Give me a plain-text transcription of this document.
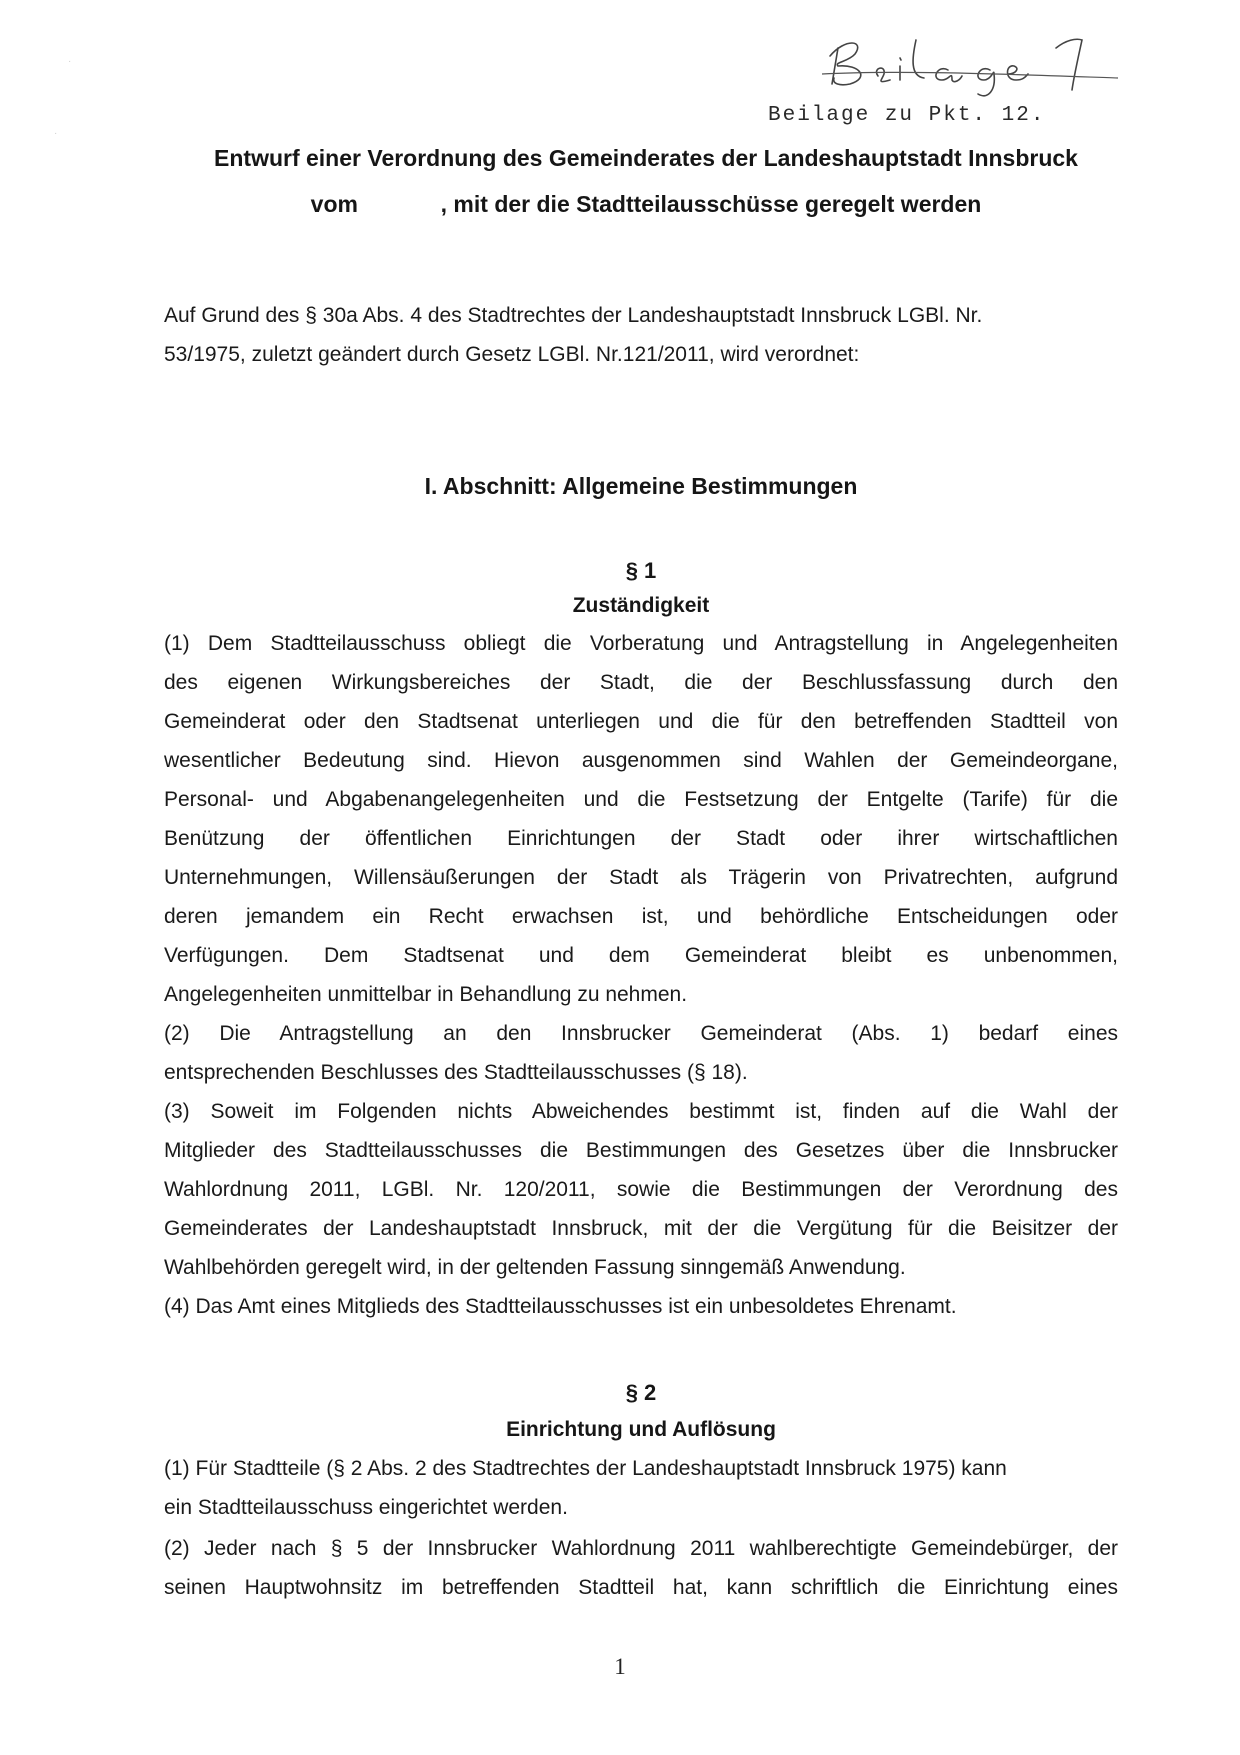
Beilage zu Pkt. 12.
Entwurf einer Verordnung des Gemeinderates der Landeshauptstadt Innsbruck
vom	, mit der die Stadtteilausschüsse geregelt werden
Auf Grund des § 30a Abs. 4 des Stadtrechtes der Landeshauptstadt Innsbruck LGBl. Nr.
53/1975, zuletzt geändert durch Gesetz LGBl. Nr.121/2011, wird verordnet:
I. Abschnitt: Allgemeine Bestimmungen
§ 1
Zuständigkeit
(1) Dem Stadtteilausschuss obliegt die Vorberatung und Antragstellung in Angelegenheiten
des eigenen Wirkungsbereiches der Stadt, die der Beschlussfassung durch den
Gemeinderat oder den Stadtsenat unterliegen und die für den betreffenden Stadtteil von
wesentlicher Bedeutung sind. Hievon ausgenommen sind Wahlen der Gemeindeorgane,
Personal- und Abgabenangelegenheiten und die Festsetzung der Entgelte (Tarife) für die
Benützung der öffentlichen Einrichtungen der Stadt oder ihrer wirtschaftlichen
Unternehmungen, Willensäußerungen der Stadt als Trägerin von Privatrechten, aufgrund
deren jemandem ein Recht erwachsen ist, und behördliche Entscheidungen oder
Verfügungen. Dem Stadtsenat und dem Gemeinderat bleibt es unbenommen,
Angelegenheiten unmittelbar in Behandlung zu nehmen.
(2) Die Antragstellung an den Innsbrucker Gemeinderat (Abs. 1) bedarf eines
entsprechenden Beschlusses des Stadtteilausschusses (§ 18).
(3) Soweit im Folgenden nichts Abweichendes bestimmt ist, finden auf die Wahl der
Mitglieder des Stadtteilausschusses die Bestimmungen des Gesetzes über die Innsbrucker
Wahlordnung 2011, LGBl. Nr. 120/2011, sowie die Bestimmungen der Verordnung des
Gemeinderates der Landeshauptstadt Innsbruck, mit der die Vergütung für die Beisitzer der
Wahlbehörden geregelt wird, in der geltenden Fassung sinngemäß Anwendung.
(4) Das Amt eines Mitglieds des Stadtteilausschusses ist ein unbesoldetes Ehrenamt.
§ 2
Einrichtung und Auflösung
(1) Für Stadtteile (§ 2 Abs. 2 des Stadtrechtes der Landeshauptstadt Innsbruck 1975) kann
ein Stadtteilausschuss eingerichtet werden.
(2) Jeder nach § 5 der Innsbrucker Wahlordnung 2011 wahlberechtigte Gemeindebürger, der
seinen Hauptwohnsitz im betreffenden Stadtteil hat, kann schriftlich die Einrichtung eines
1
·
·
